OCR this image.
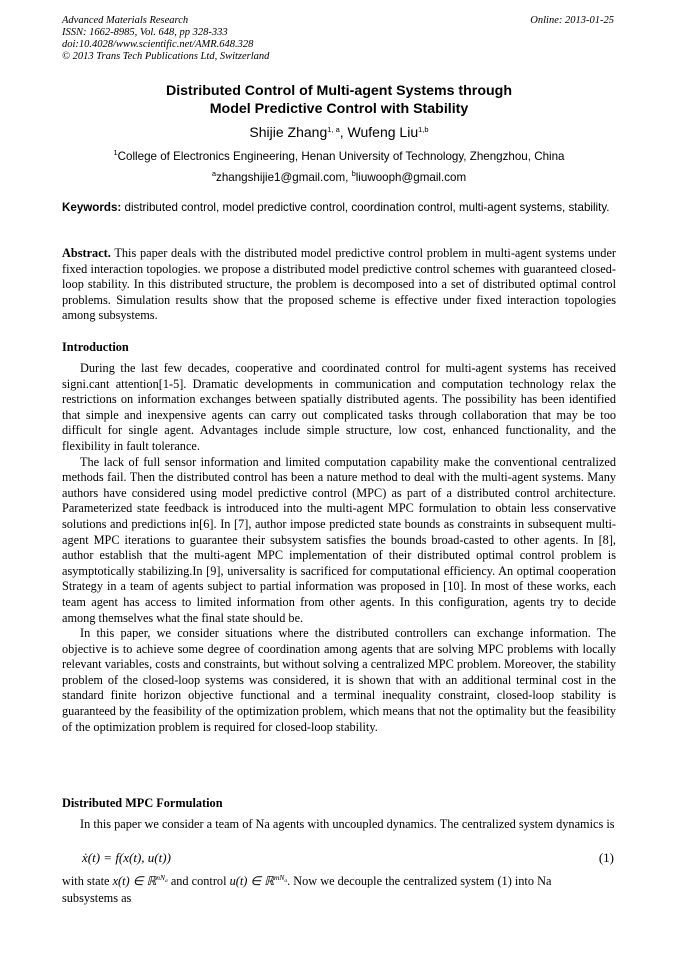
Advanced Materials Research
ISSN: 1662-8985, Vol. 648, pp 328-333
doi:10.4028/www.scientific.net/AMR.648.328
© 2013 Trans Tech Publications Ltd, Switzerland
Online: 2013-01-25
Distributed Control of Multi-agent Systems through
Model Predictive Control with Stability
Shijie Zhang$^{1, a}$, Wufeng Liu$^{1,b}$
$^1$College of Electronics Engineering, Henan University of Technology, Zhengzhou, China
$^a$zhangshijie1@gmail.com, $^b$liuwooph@gmail.com
Keywords: distributed control, model predictive control, coordination control, multi-agent systems, stability.
Abstract. This paper deals with the distributed model predictive control problem in multi-agent systems under fixed interaction topologies. we propose a distributed model predictive control schemes with guaranteed closed-loop stability. In this distributed structure, the problem is decomposed into a set of distributed optimal control problems. Simulation results show that the proposed scheme is effective under fixed interaction topologies among subsystems.
Introduction

During the last few decades, cooperative and coordinated control for multi-agent systems has received signi.cant attention[1-5]. Dramatic developments in communication and computation technology relax the restrictions on information exchanges between spatially distributed agents. The possibility has been identified that simple and inexpensive agents can carry out complicated tasks through collaboration that may be too difficult for single agent. Advantages include simple structure, low cost, enhanced functionality, and the flexibility in fault tolerance.

The lack of full sensor information and limited computation capability make the conventional centralized methods fail. Then the distributed control has been a nature method to deal with the multi-agent systems. Many authors have considered using model predictive control (MPC) as part of a distributed control architecture. Parameterized state feedback is introduced into the multi-agent MPC formulation to obtain less conservative solutions and predictions in[6]. In [7], author impose predicted state bounds as constraints in subsequent multi-agent MPC iterations to guarantee their subsystem satisfies the bounds broad-casted to other agents. In [8], author establish that the multi-agent MPC implementation of their distributed optimal control problem is asymptotically stabilizing.In [9], universality is sacrificed for computational efficiency. An optimal cooperation Strategy in a team of agents subject to partial information was proposed in [10]. In most of these works, each team agent has access to limited information from other agents. In this configuration, agents try to decide among themselves what the final state should be.

In this paper, we consider situations where the distributed controllers can exchange information. The objective is to achieve some degree of coordination among agents that are solving MPC problems with locally relevant variables, costs and constraints, but without solving a centralized MPC problem. Moreover, the stability problem of the closed-loop systems was considered, it is shown that with an additional terminal cost in the standard finite horizon objective functional and a terminal inequality constraint, closed-loop stability is guaranteed by the feasibility of the optimization problem, which means that not the optimality but the feasibility of the optimization problem is required for closed-loop stability.

Distributed MPC Formulation

In this paper we consider a team of Na agents with uncoupled dynamics. The centralized system dynamics is

ẋ(t) = f(x(t), u(t))	(1)
with state x(t) ∈ ℝ$^{nN_a}$ and control u(t) ∈ ℝ$^{mN_a}$. Now we decouple the centralized system (1) into Na
subsystems as
